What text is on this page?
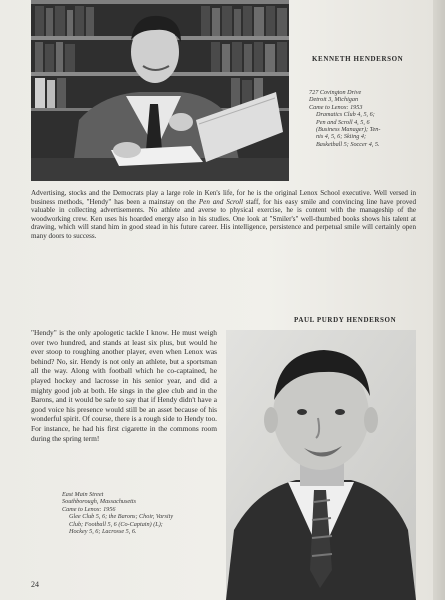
KENNETH HENDERSON
727 Covington Drive
Detroit 3, Michigan
Came to Lenox: 1953
Dramatics Club 4, 5, 6;
Pen and Scroll 4, 5, 6
(Business Manager); Ten-
nis 4, 5, 6; Skiing 4;
Basketball 5; Soccer 4, 5.
Advertising, stocks and the Democrats play a large role in Ken's life, for he is the original Lenox School executive. Well versed in business methods, "Hendy" has been a mainstay on the Pen and Scroll staff, for his easy smile and convincing line have proved valuable in collecting advertisements. No athlete and averse to physical exercise, he is content with the manageship of the woodworking crew. Ken uses his hoarded energy also in his studies. One look at "Smiler's" well-thumbed books shows his talent at drawing, which will stand him in good stead in his future career. His intelligence, persistence and perpetual smile will certainly open many doors to success.
PAUL PURDY HENDERSON
"Hendy" is the only apologetic tackle I know. He must weigh over two hundred, and stands at least six plus, but would he ever stoop to roughing another player, even when Lenox was behind? No, sir. Hendy is not only an athlete, but a sportsman all the way. Along with football which he co-captained, he played hockey and lacrosse in his senior year, and did a mighty good job at both. He sings in the glee club and in the Barons, and it would be safe to say that if Hendy didn't have a good voice his presence would still be an asset because of his wonderful spirit. Of course, there is a rough side to Hendy too. For instance, he had his first cigarette in the commons room during the spring term!
East Main Street
Southborough, Massachusetts
Came to Lenox: 1956
Glee Club 5, 6; the Barons; Choir, Varsity
Club; Football 5, 6 (Co-Captain) (L);
Hockey 5, 6; Lacrosse 5, 6.
24
